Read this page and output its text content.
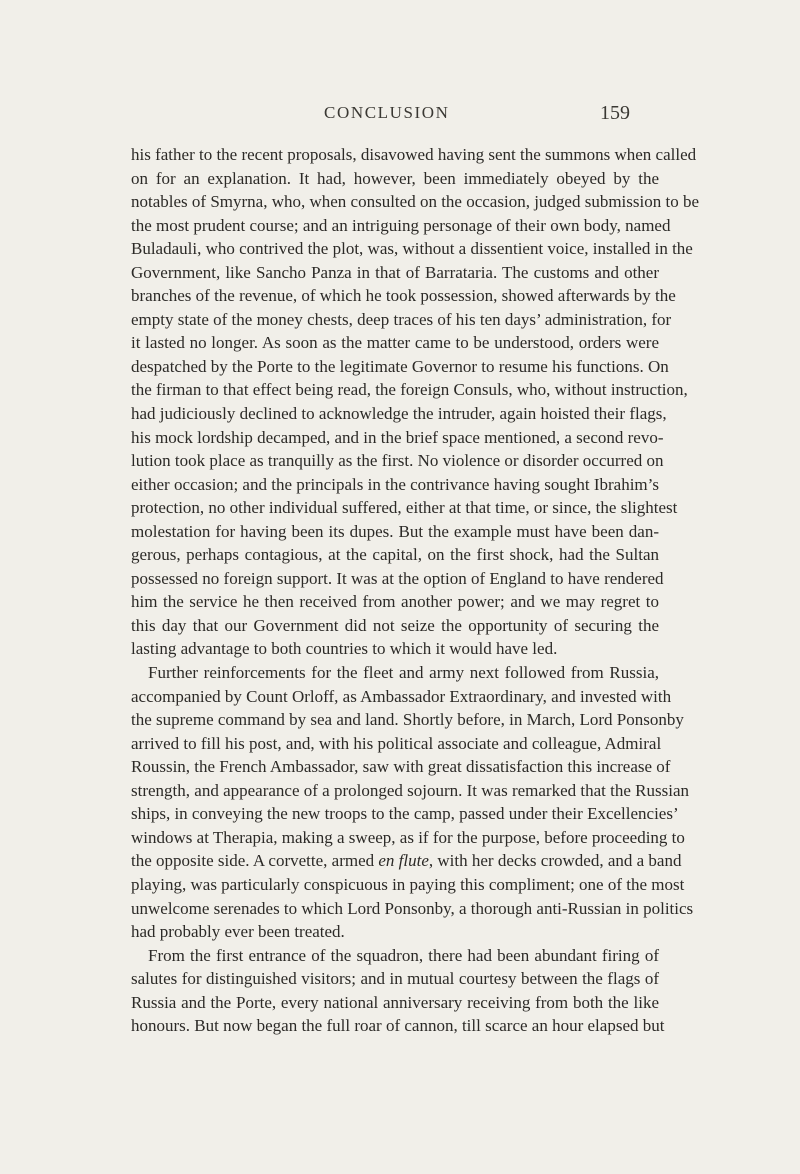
CONCLUSION	159
his father to the recent proposals, disavowed having sent the summons when called
on for an explanation. It had, however, been immediately obeyed by the
notables of Smyrna, who, when consulted on the occasion, judged submission to be
the most prudent course; and an intriguing personage of their own body, named
Buladauli, who contrived the plot, was, without a dissentient voice, installed in the
Government, like Sancho Panza in that of Barrataria. The customs and other
branches of the revenue, of which he took possession, showed afterwards by the
empty state of the money chests, deep traces of his ten days’ administration, for
it lasted no longer. As soon as the matter came to be understood, orders were
despatched by the Porte to the legitimate Governor to resume his functions. On
the firman to that effect being read, the foreign Consuls, who, without instruction,
had judiciously declined to acknowledge the intruder, again hoisted their flags,
his mock lordship decamped, and in the brief space mentioned, a second revo-
lution took place as tranquilly as the first. No violence or disorder occurred on
either occasion; and the principals in the contrivance having sought Ibrahim’s
protection, no other individual suffered, either at that time, or since, the slightest
molestation for having been its dupes. But the example must have been dan-
gerous, perhaps contagious, at the capital, on the first shock, had the Sultan
possessed no foreign support. It was at the option of England to have rendered
him the service he then received from another power; and we may regret to
this day that our Government did not seize the opportunity of securing the
lasting advantage to both countries to which it would have led.
Further reinforcements for the fleet and army next followed from Russia,
accompanied by Count Orloff, as Ambassador Extraordinary, and invested with
the supreme command by sea and land. Shortly before, in March, Lord Ponsonby
arrived to fill his post, and, with his political associate and colleague, Admiral
Roussin, the French Ambassador, saw with great dissatisfaction this increase of
strength, and appearance of a prolonged sojourn. It was remarked that the Russian
ships, in conveying the new troops to the camp, passed under their Excellencies’
windows at Therapia, making a sweep, as if for the purpose, before proceeding to
the opposite side. A corvette, armed en flute, with her decks crowded, and a band
playing, was particularly conspicuous in paying this compliment; one of the most
unwelcome serenades to which Lord Ponsonby, a thorough anti-Russian in politics
had probably ever been treated.
From the first entrance of the squadron, there had been abundant firing of
salutes for distinguished visitors; and in mutual courtesy between the flags of
Russia and the Porte, every national anniversary receiving from both the like
honours. But now began the full roar of cannon, till scarce an hour elapsed but
